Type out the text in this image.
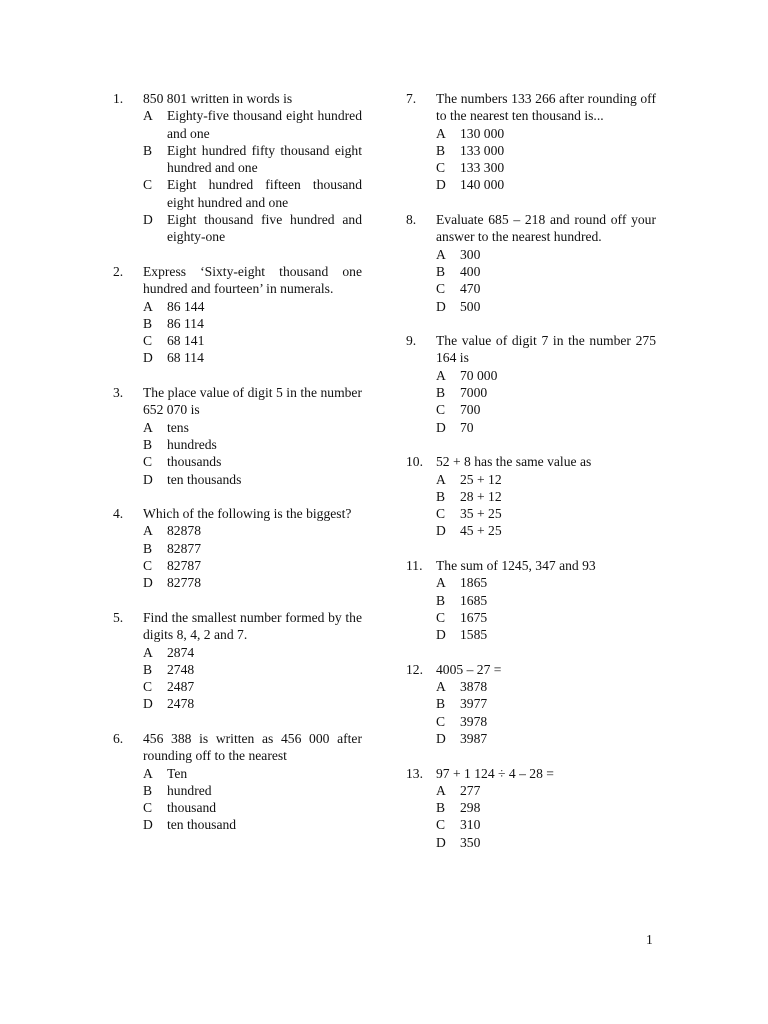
1.	850 801 written in words is
A	Eighty-five thousand eight hundred and one
B	Eight hundred fifty thousand eight hundred and one
C	Eight hundred fifteen thousand eight hundred and one
D	Eight thousand five hundred and eighty-one
2.	Express ‘Sixty-eight thousand one hundred and fourteen’ in numerals.
A	86 144
B	86 114
C	68 141
D	68 114
3.	The place value of digit 5 in the number 652 070 is
A	tens
B	hundreds
C	thousands
D	ten thousands
4.	Which of the following is the biggest?
A	82878
B	82877
C	82787
D	82778
5.	Find the smallest number formed by the digits 8, 4, 2 and 7.
A	2874
B	2748
C	2487
D	2478
6.	456 388 is written as 456 000 after rounding off to the nearest
A	Ten
B	hundred
C	thousand
D	ten thousand
7.	The numbers 133 266 after rounding off to the nearest ten thousand is...
A	130 000
B	133 000
C	133 300
D	140 000
8.	Evaluate 685 – 218 and round off your answer to the nearest hundred.
A	300
B	400
C	470
D	500
9.	The value of digit 7 in the number 275 164 is
A	70 000
B	7000
C	700
D	70
10. 52 + 8 has the same value as
A	25 + 12
B	28 + 12
C	35 + 25
D	45 + 25
11. The sum of 1245, 347 and 93
A	1865
B	1685
C	1675
D	1585
12. 4005 – 27 =
A	3878
B	3977
C	3978
D	3987
13. 97 + 1 124 ÷ 4 – 28 =
A	277
B	298
C	310
D	350
1
